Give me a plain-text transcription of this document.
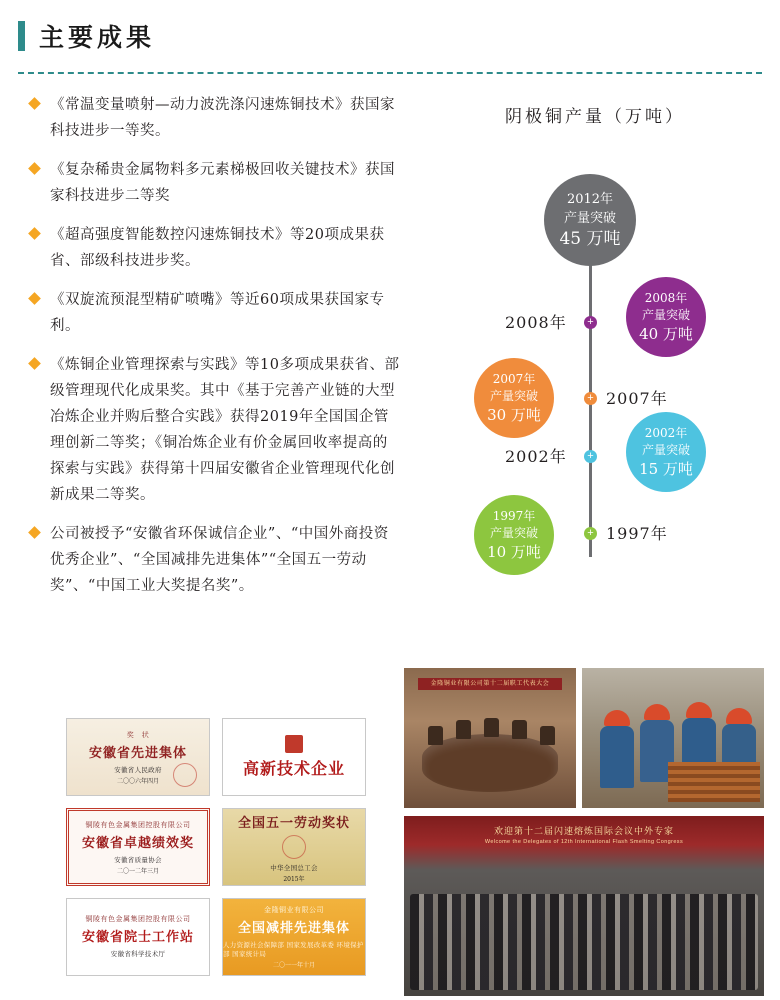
主要成果
《常温变量喷射—动力波洗涤闪速炼铜技术》获国家科技进步一等奖。
《复杂稀贵金属物料多元素梯极回收关键技术》获国家科技进步二等奖
《超高强度智能数控闪速炼铜技术》等20项成果获省、部级科技进步奖。
《双旋流预混型精矿喷嘴》等近60项成果获国家专利。
《炼铜企业管理探索与实践》等10多项成果获省、部级管理现代化成果奖。其中《基于完善产业链的大型冶炼企业并购后整合实践》获得2019年全国国企管理创新二等奖；《铜冶炼企业有价金属回收率提高的探索与实践》获得第十四届安徽省企业管理现代化创新成果二等奖。
公司被授予“安徽省环保诚信企业”、“中国外商投资优秀企业”、“全国减排先进集体”“全国五一劳动奖”、“中国工业大奖提名奖”。
阴极铜产量（万吨）
2012年
产量突破
45 万吨
+
2008年
2008年
产量突破
40 万吨
+ 2007年
2007年
产量突破
30 万吨
+
2002年
2002年
产量突破
15 万吨
+ 1997年
1997年
产量突破
10 万吨
奖　状
安徽省先进集体
安徽省人民政府
二〇〇六年四月
高新技术企业
铜陵有色金属集团控股有限公司
安徽省卓越绩效奖
安徽省质量协会
二〇一二年三月
全国五一劳动奖状
中华全国总工会
2015年
铜陵有色金属集团控股有限公司
安徽省院士工作站
安徽省科学技术厅
金隆铜业有限公司
全国减排先进集体
人力资源社会保障部 国家发展改革委 环境保护部 国家统计局
二〇一一年十月
金隆铜业有限公司第十二届职工代表大会
欢迎第十二届闪速熔炼国际会议中外专家
Welcome the Delegates of 12th International Flash Smelting Congress
